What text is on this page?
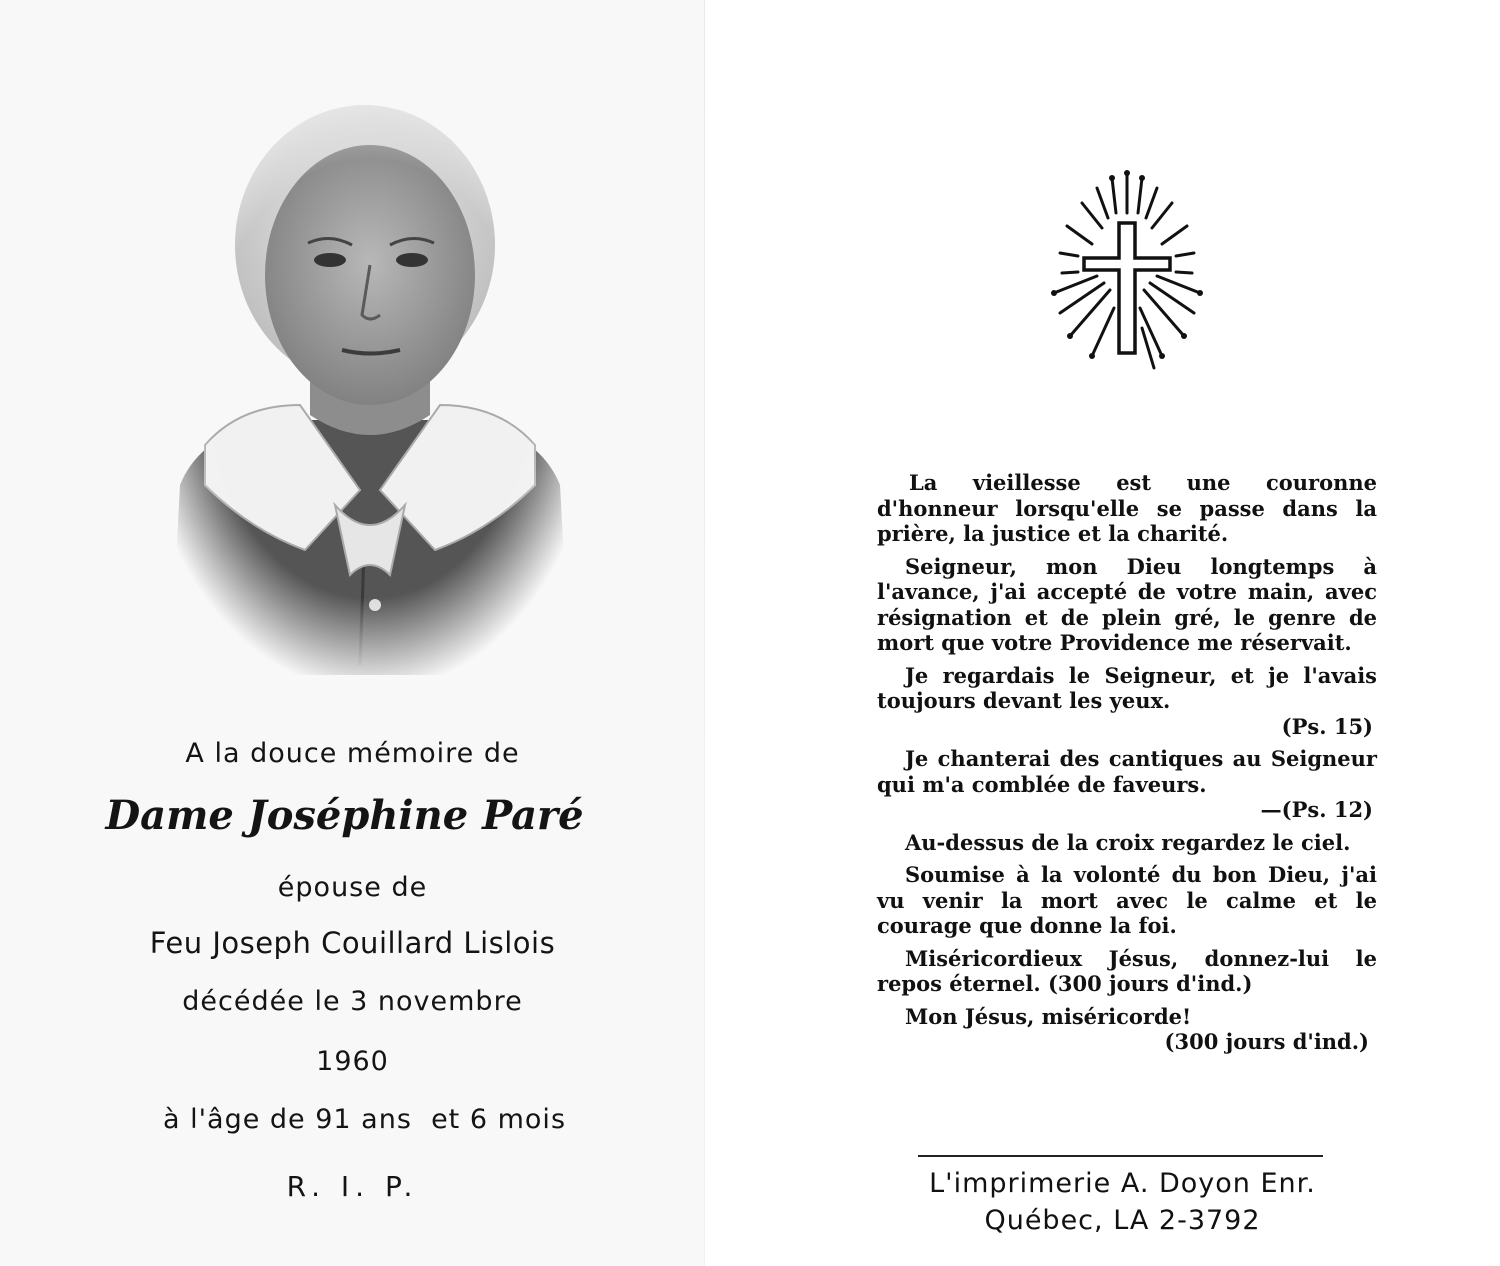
A la douce mémoire de
Dame Joséphine Paré
épouse de
Feu Joseph Couillard Lislois
décédée le 3 novembre
1960
à l'âge de 91 ans  et 6 mois
R. I. P.

La vieillesse est une couronne d'honneur lorsqu'elle se passe dans la prière, la justice et la charité.

Seigneur, mon Dieu longtemps à l'avance, j'ai accepté de votre main, avec résignation et de plein gré, le genre de mort que votre Providence me réservait.

Je regardais le Seigneur, et je l'avais toujours devant les yeux.

(Ps. 15)

Je chanterai des cantiques au Seigneur qui m'a comblée de faveurs.

—(Ps. 12)

Au-dessus de la croix regardez le ciel.

Soumise à la volonté du bon Dieu, j'ai vu venir la mort avec le calme et le courage que donne la foi.

Miséricordieux Jésus, donnez-lui le repos éternel. (300 jours d'ind.)

Mon Jésus, miséricorde!

(300 jours d'ind.)
L'imprimerie A. Doyon Enr.
Québec, LA 2-3792
